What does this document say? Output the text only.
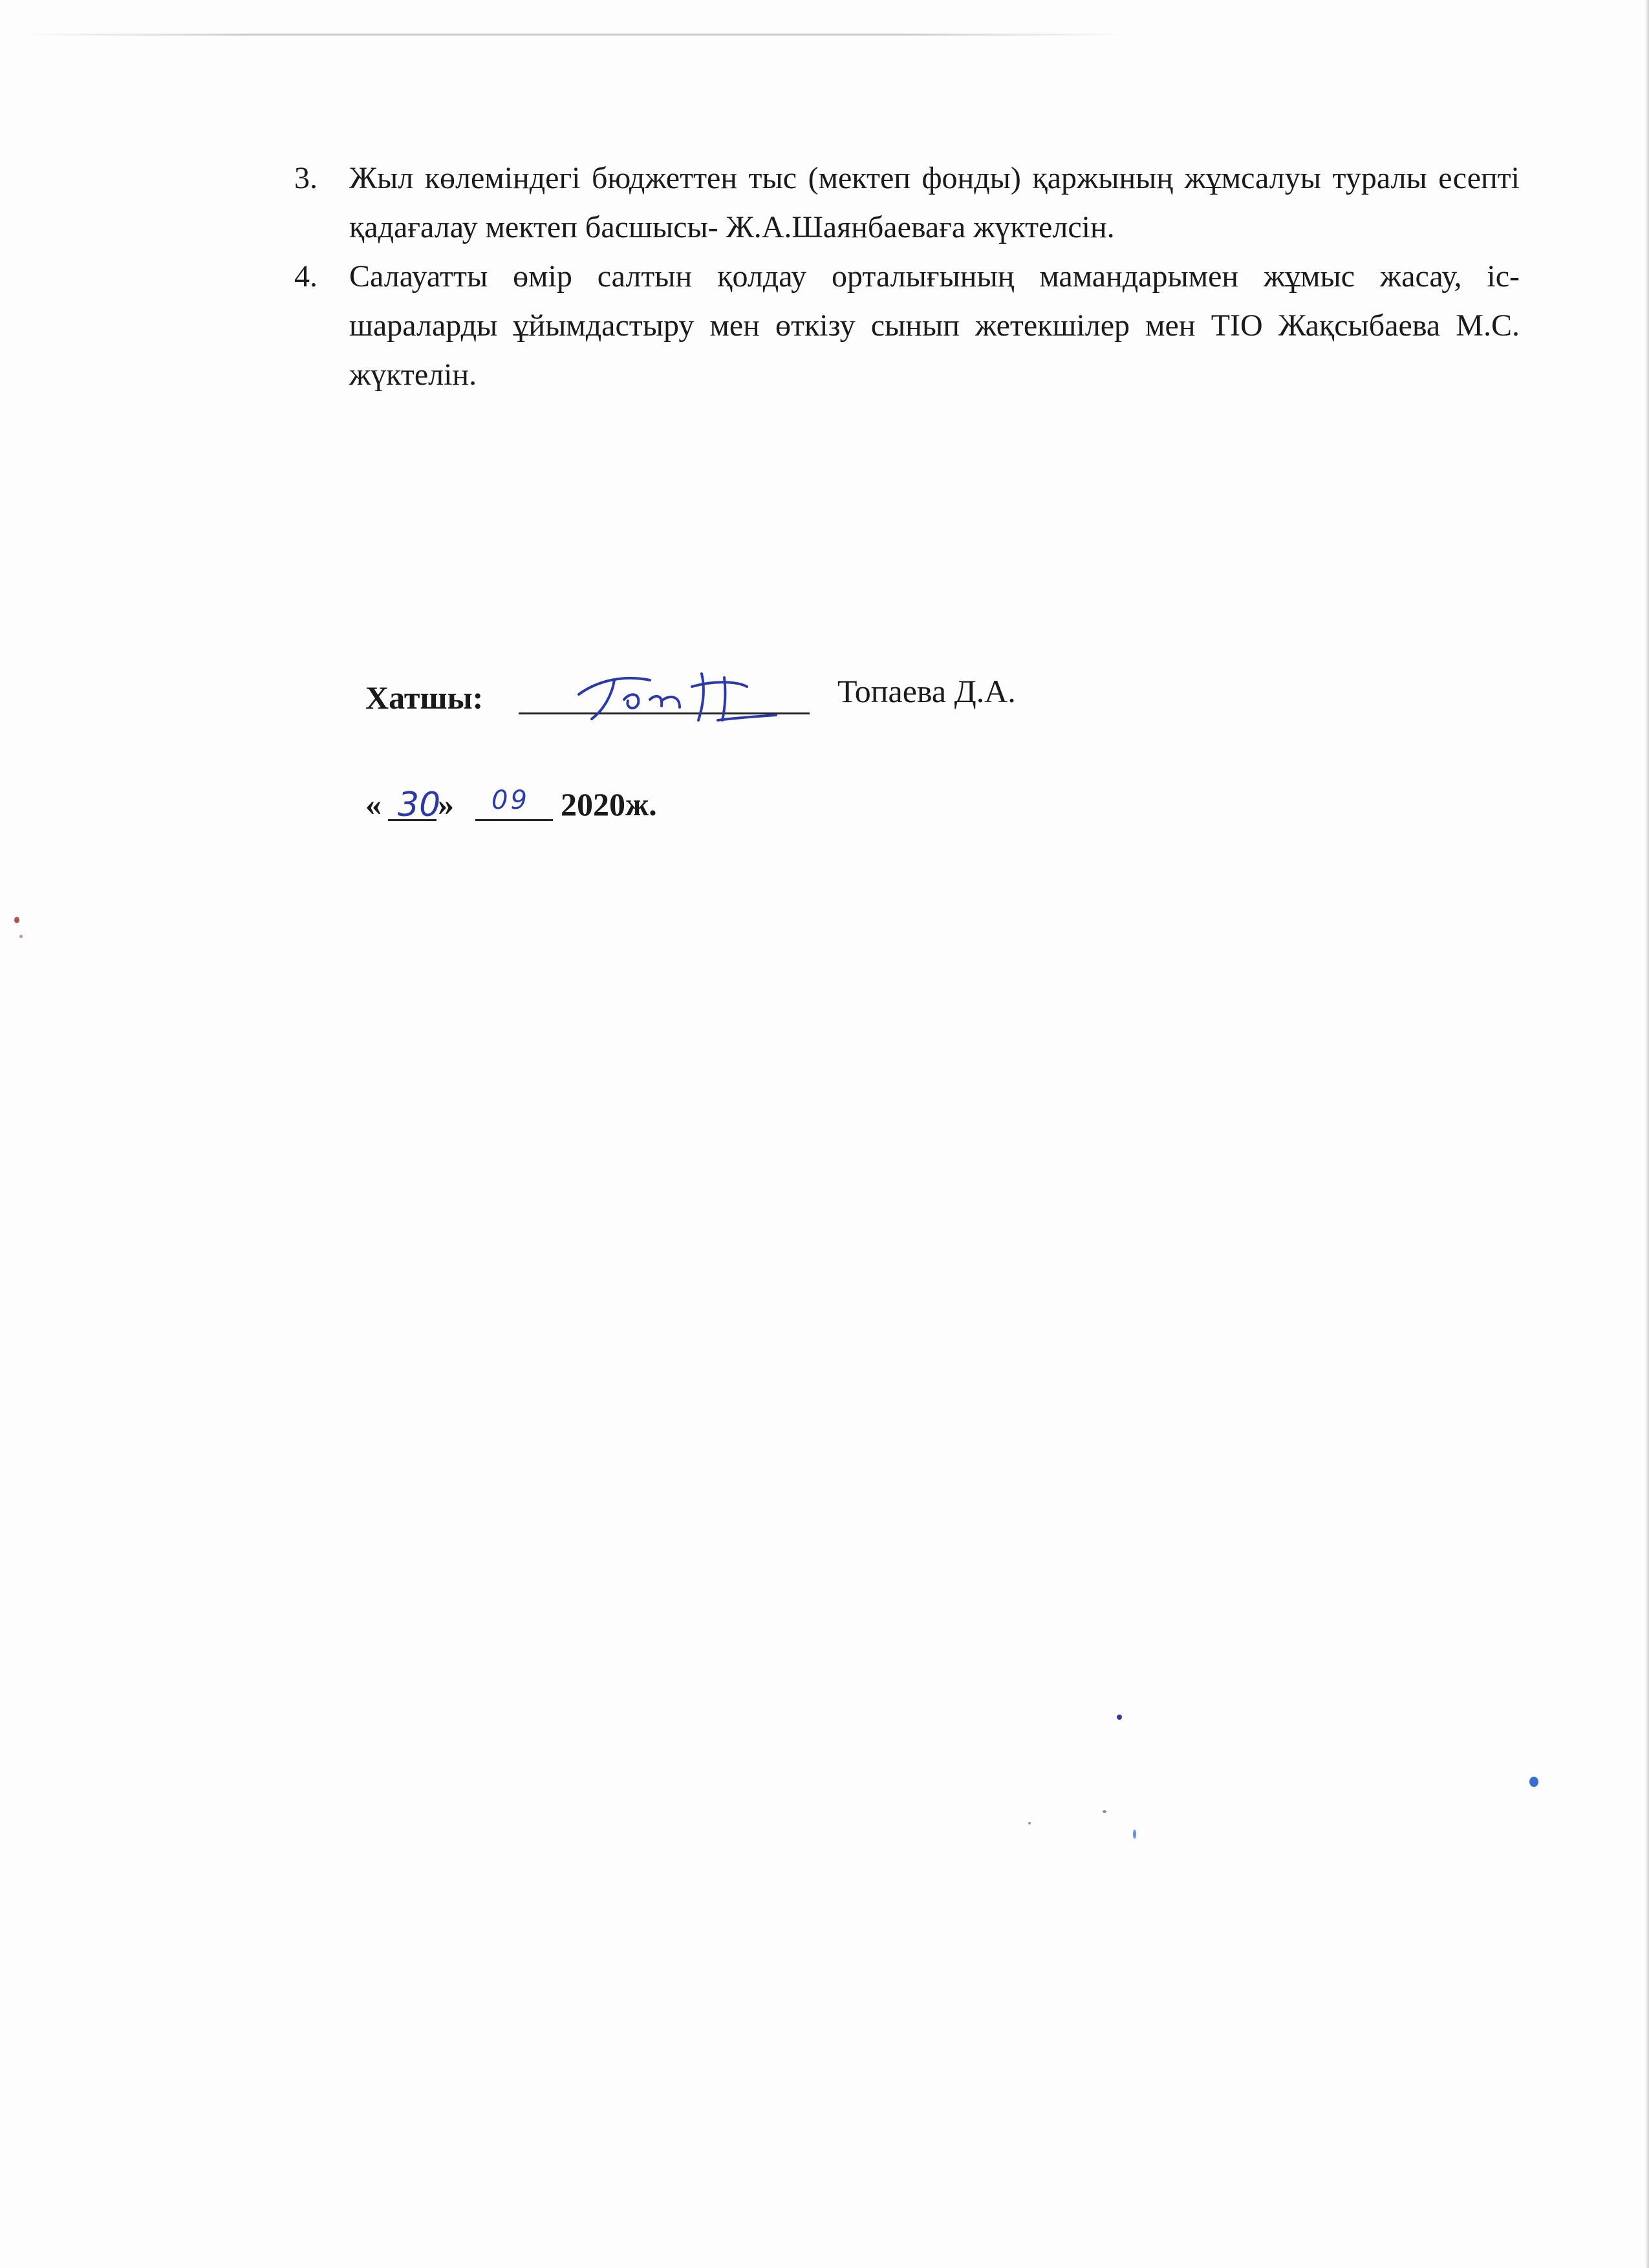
3. Жыл көлеміндегі бюджеттен тыс (мектеп фонды) қаржының жұмсалуы туралы есепті қадағалау мектеп басшысы- Ж.А.Шаянбаеваға жүктелсін.
4. Салауатты өмір салтын қолдау орталығының мамандарымен жұмыс жасау, іс-шараларды ұйымдастыру мен өткізу сынып жетекшілер мен ТІО Жақсыбаева М.С. жүктелін.
Хатшы:	Топаева Д.А.
« 30
» 09 2020ж.
